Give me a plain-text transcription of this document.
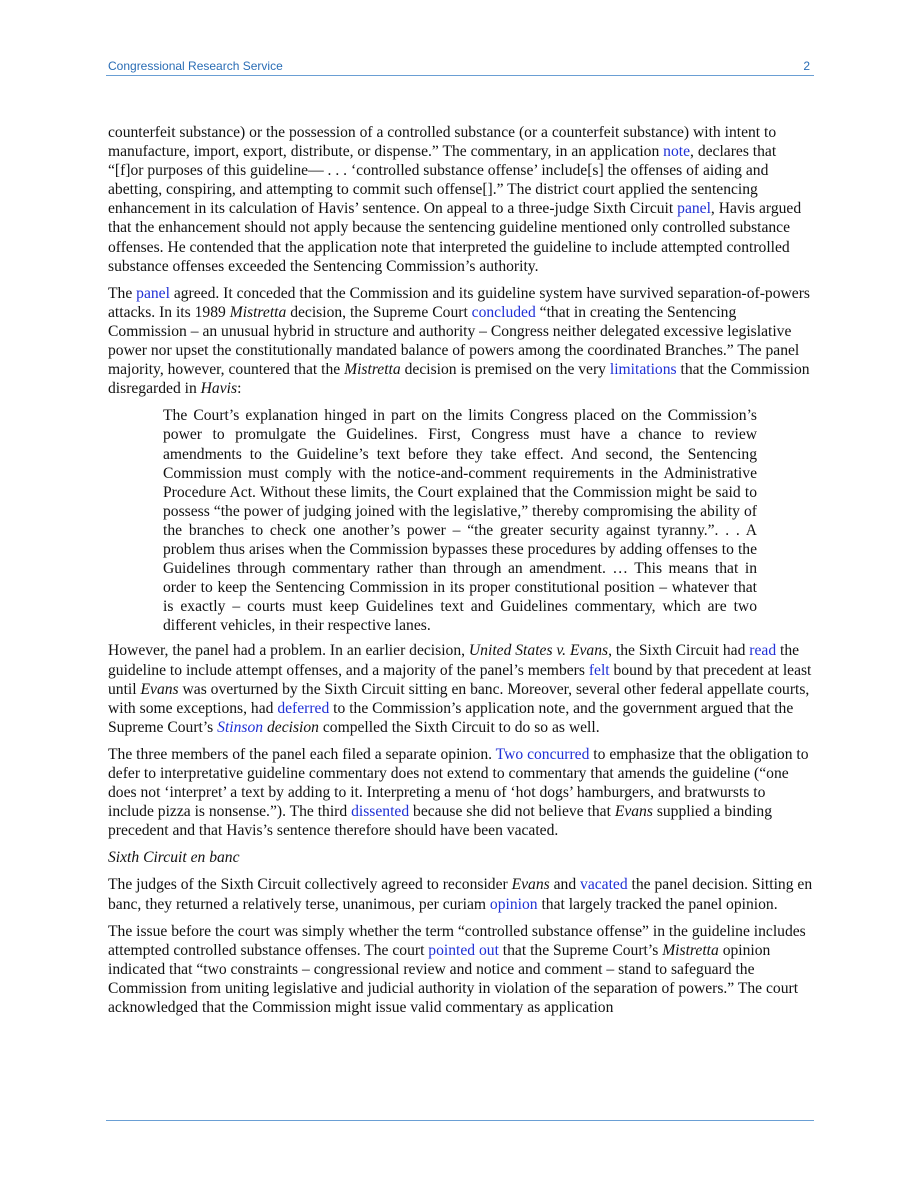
Congressional Research Service	2

counterfeit substance) or the possession of a controlled substance (or a counterfeit substance) with intent to manufacture, import, export, distribute, or dispense.” The commentary, in an application note, declares that “[f]or purposes of this guideline— . . . ‘controlled substance offense’ include[s] the offenses of aiding and abetting, conspiring, and attempting to commit such offense[].” The district court applied the sentencing enhancement in its calculation of Havis’ sentence. On appeal to a three-judge Sixth Circuit panel, Havis argued that the enhancement should not apply because the sentencing guideline mentioned only controlled substance offenses. He contended that the application note that interpreted the guideline to include attempted controlled substance offenses exceeded the Sentencing Commission’s authority.

The panel agreed. It conceded that the Commission and its guideline system have survived separation-of-powers attacks. In its 1989 Mistretta decision, the Supreme Court concluded “that in creating the Sentencing Commission – an unusual hybrid in structure and authority – Congress neither delegated excessive legislative power nor upset the constitutionally mandated balance of powers among the coordinated Branches.” The panel majority, however, countered that the Mistretta decision is premised on the very limitations that the Commission disregarded in Havis:

The Court’s explanation hinged in part on the limits Congress placed on the Commission’s power to promulgate the Guidelines. First, Congress must have a chance to review amendments to the Guideline’s text before they take effect. And second, the Sentencing Commission must comply with the notice-and-comment requirements in the Administrative Procedure Act. Without these limits, the Court explained that the Commission might be said to possess “the power of judging joined with the legislative,” thereby compromising the ability of the branches to check one another’s power – “the greater security against tyranny.”. . . A problem thus arises when the Commission bypasses these procedures by adding offenses to the Guidelines through commentary rather than through an amendment. … This means that in order to keep the Sentencing Commission in its proper constitutional position – whatever that is exactly – courts must keep Guidelines text and Guidelines commentary, which are two different vehicles, in their respective lanes.

However, the panel had a problem. In an earlier decision, United States v. Evans, the Sixth Circuit had read the guideline to include attempt offenses, and a majority of the panel’s members felt bound by that precedent at least until Evans was overturned by the Sixth Circuit sitting en banc. Moreover, several other federal appellate courts, with some exceptions, had deferred to the Commission’s application note, and the government argued that the Supreme Court’s Stinson decision compelled the Sixth Circuit to do so as well.

The three members of the panel each filed a separate opinion. Two concurred to emphasize that the obligation to defer to interpretative guideline commentary does not extend to commentary that amends the guideline (“one does not ‘interpret’ a text by adding to it. Interpreting a menu of ‘hot dogs’ hamburgers, and bratwursts to include pizza is nonsense.”). The third dissented because she did not believe that Evans supplied a binding precedent and that Havis’s sentence therefore should have been vacated.

Sixth Circuit en banc

The judges of the Sixth Circuit collectively agreed to reconsider Evans and vacated the panel decision. Sitting en banc, they returned a relatively terse, unanimous, per curiam opinion that largely tracked the panel opinion.

The issue before the court was simply whether the term “controlled substance offense” in the guideline includes attempted controlled substance offenses. The court pointed out that the Supreme Court’s Mistretta opinion indicated that “two constraints – congressional review and notice and comment – stand to safeguard the Commission from uniting legislative and judicial authority in violation of the separation of powers.” The court acknowledged that the Commission might issue valid commentary as application
